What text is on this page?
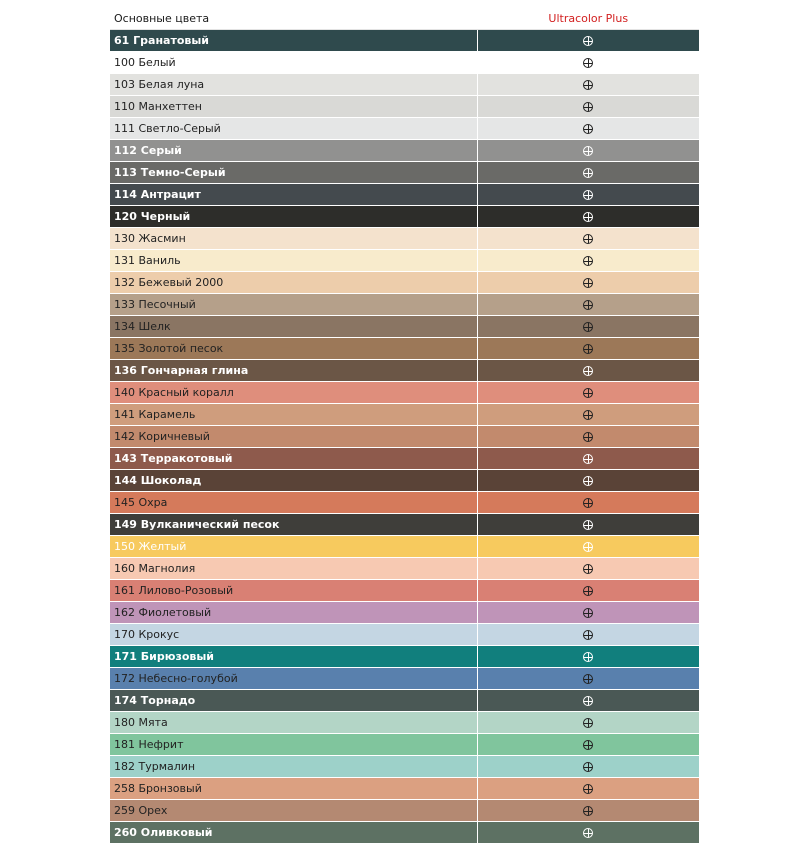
Основные цвета	Ultracolor Plus
61 Гранатовый	
100 Белый	
103 Белая луна	
110 Манхеттен	
111 Светло-Серый	
112 Серый	
113 Темно-Серый	
114 Антрацит	
120 Черный	
130 Жасмин	
131 Ваниль	
132 Бежевый 2000	
133 Песочный	
134 Шелк	
135 Золотой песок	
136 Гончарная глина	
140 Красный коралл	
141 Карамель	
142 Коричневый	
143 Терракотовый	
144 Шоколад	
145 Охра	
149 Вулканический песок	
150 Желтый	
160 Магнолия	
161 Лилово-Розовый	
162 Фиолетовый	
170 Крокус	
171 Бирюзовый	
172 Небесно-голубой	
174 Торнадо	
180 Мята	
181 Нефрит	
182 Турмалин	
258 Бронзовый	
259 Орех	
260 Оливковый	
